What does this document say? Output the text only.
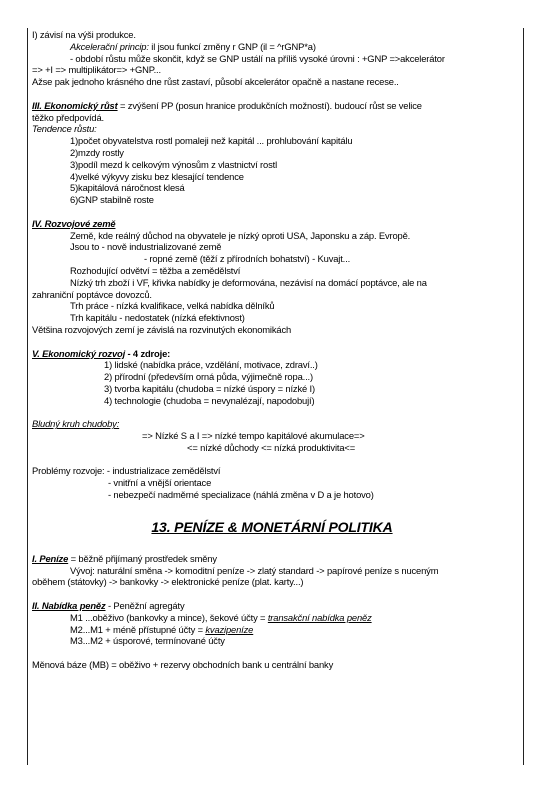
I) závisí na výši produkce.
Akcelerační princip: il jsou funkcí změny r GNP (il = ^rGNP*a)
- období růstu může skončit, když se GNP ustálí na příliš vysoké úrovni : +GNP =>akcelerátor
=> +I => multiplikátor=> +GNP...
Ažse pak jednoho krásného dne růst zastaví, působí akcelerátor opačně a nastane recese..
III. Ekonomický růst = zvýšení PP (posun hranice produkčních možností). budoucí růst se velice
těžko předpovídá.
Tendence růstu:
1)počet obyvatelstva rostl pomaleji než kapitál ... prohlubování kapitálu
2)mzdy rostly
3)podíl mezd k celkovým výnosům z vlastnictví rostl
4)velké výkyvy zisku bez klesající tendence
5)kapitálová náročnost klesá
6)GNP stabilně roste
IV. Rozvojové země
Země, kde reálný důchod na obyvatele je nízký oproti USA, Japonsku a záp. Evropě.
Jsou to - nově industrializované země
- ropné země (těží z přírodních bohatství) - Kuvajt...
Rozhodující odvětví = těžba a zemědělství
Nízký trh zboží i VF, křivka nabídky je deformována, nezávisí na domácí poptávce, ale na
zahraniční poptávce dovozců.
Trh práce - nízká kvalifikace, velká nabídka dělníků
Trh kapitálu - nedostatek (nízká efektivnost)
Většina rozvojových zemí je závislá na rozvinutých ekonomikách
V. Ekonomický rozvoj - 4 zdroje:
1) lidské (nabídka práce, vzdělání, motivace, zdraví..)
2) přírodní (především orná půda, výjimečně ropa...)
3) tvorba kapitálu (chudoba = nízké úspory = nízké I)
4) technologie (chudoba = nevynalézají, napodobují)
Bludný kruh chudoby:
=> Nízké S a I => nízké tempo kapitálové akumulace=>
<= nízké důchody <= nízká produktivita<=
Problémy rozvoje: - industrializace zemědělství
- vnitřní a vnější orientace
- nebezpečí nadměrné specializace (náhlá změna v D a je hotovo)
13. PENÍZE & MONETÁRNÍ POLITIKA
I. Peníze = běžně přijímaný prostředek směny
Vývoj: naturální směna -> komoditní peníze -> zlatý standard -> papírové peníze s nuceným
oběhem (státovky) -> bankovky -> elektronické peníze (plat. karty...)
II. Nabídka peněz - Peněžní agregáty
M1 ...oběživo (bankovky a mince), šekové účty = transakční nabídka peněz
M2...M1 + méně přístupné účty = kvazipeníze
M3...M2 + úsporové, termínované účty
Měnová báze (MB) = oběživo + rezervy obchodních bank u centrální banky
